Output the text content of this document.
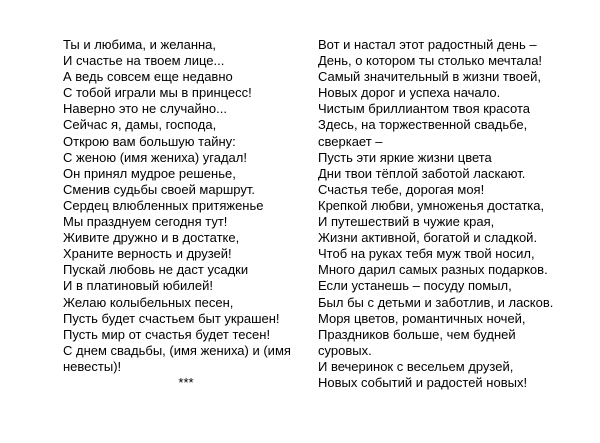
Ты и любима, и желанна,
И счастье на твоем лице...
А ведь совсем еще недавно
С тобой играли мы в принцесс!
Наверно это не случайно...
Сейчас я, дамы, господа,
Открою вам большую тайну:
С женою (имя жениха) угадал!
Он принял мудрое решенье,
Сменив судьбы своей маршрут.
Сердец влюбленных притяженье
Мы празднуем сегодня тут!
Живите дружно и в достатке,
Храните верность и друзей!
Пускай любовь не даст усадки
И в платиновый юбилей!
Желаю колыбельных песен,
Пусть будет счастьем быт украшен!
Пусть мир от счастья будет тесен!
С днем свадьбы, (имя жениха) и (имя
невесты)!
***
Вот и настал этот радостный день –
День, о котором ты столько мечтала!
Самый значительный в жизни твоей,
Новых дорог и успеха начало.
Чистым бриллиантом твоя красота
Здесь, на торжественной свадьбе,
сверкает –
Пусть эти яркие жизни цвета
Дни твои тёплой заботой ласкают.
Счастья тебе, дорогая моя!
Крепкой любви, умноженья достатка,
И путешествий в чужие края,
Жизни активной, богатой и сладкой.
Чтоб на руках тебя муж твой носил,
Много дарил самых разных подарков.
Если устанешь – посуду помыл,
Был бы с детьми и заботлив, и ласков.
Моря цветов, романтичных ночей,
Праздников больше, чем будней
суровых.
И вечеринок с весельем друзей,
Новых событий и радостей новых!
